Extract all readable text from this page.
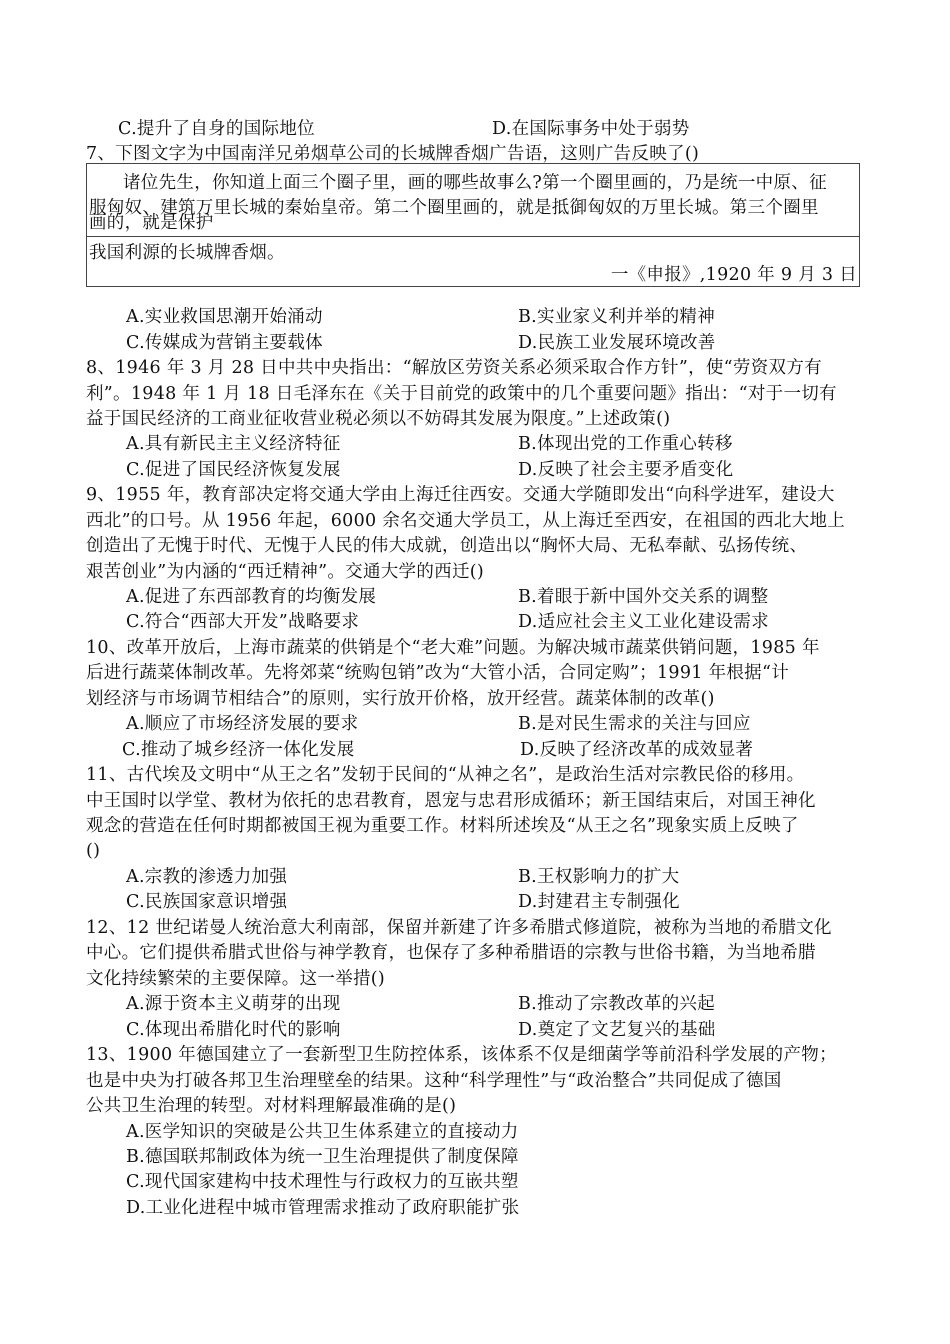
C.提升了自身的国际地位	D.在国际事务中处于弱势
7、下图文字为中国南洋兄弟烟草公司的长城牌香烟广告语，这则广告反映了()
诸位先生，你知道上面三个圈子里，画的哪些故事么?第一个圈里画的，乃是统一中原、征
服匈奴、建筑万里长城的秦始皇帝。第二个圈里画的，就是抵御匈奴的万里长城。第三个圈里
画的，就是保护
我国利源的长城牌香烟。
一《申报》,1920 年 9 月 3 日
A.实业救国思潮开始涌动	B.实业家义利并举的精神
C.传媒成为营销主要载体	D.民族工业发展环境改善
8、1946 年 3 月 28 日中共中央指出：“解放区劳资关系必须采取合作方针”，使“劳资双方有
利”。1948 年 1 月 18 日毛泽东在《关于目前党的政策中的几个重要问题》指出：“对于一切有
益于国民经济的工商业征收营业税必须以不妨碍其发展为限度。”上述政策()
A.具有新民主主义经济特征	B.体现出党的工作重心转移
C.促进了国民经济恢复发展	D.反映了社会主要矛盾变化
9、1955 年，教育部决定将交通大学由上海迁往西安。交通大学随即发出“向科学进军，建设大
西北”的口号。从 1956 年起，6000 余名交通大学员工，从上海迁至西安，在祖国的西北大地上
创造出了无愧于时代、无愧于人民的伟大成就，创造出以“胸怀大局、无私奉献、弘扬传统、
艰苦创业”为内涵的“西迁精神”。交通大学的西迁()
A.促进了东西部教育的均衡发展	B.着眼于新中国外交关系的调整
C.符合“西部大开发”战略要求	D.适应社会主义工业化建设需求
10、改革开放后，上海市蔬菜的供销是个“老大难”问题。为解决城市蔬菜供销问题，1985 年
后进行蔬菜体制改革。先将郊菜“统购包销”改为“大管小活，合同定购”；1991 年根据“计
划经济与市场调节相结合”的原则，实行放开价格，放开经营。蔬菜体制的改革()
A.顺应了市场经济发展的要求	B.是对民生需求的关注与回应
C.推动了城乡经济一体化发展	D.反映了经济改革的成效显著
11、古代埃及文明中“从王之名”发轫于民间的“从神之名”，是政治生活对宗教民俗的移用。
中王国时以学堂、教材为依托的忠君教育，恩宠与忠君形成循环；新王国结束后，对国王神化
观念的营造在任何时期都被国王视为重要工作。材料所述埃及“从王之名”现象实质上反映了
()
A.宗教的渗透力加强	B.王权影响力的扩大
C.民族国家意识增强	D.封建君主专制强化
12、12 世纪诺曼人统治意大利南部，保留并新建了许多希腊式修道院，被称为当地的希腊文化
中心。它们提供希腊式世俗与神学教育，也保存了多种希腊语的宗教与世俗书籍，为当地希腊
文化持续繁荣的主要保障。这一举措()
A.源于资本主义萌芽的出现	B.推动了宗教改革的兴起
C.体现出希腊化时代的影响	D.奠定了文艺复兴的基础
13、1900 年德国建立了一套新型卫生防控体系，该体系不仅是细菌学等前沿科学发展的产物；
也是中央为打破各邦卫生治理壁垒的结果。这种“科学理性”与“政治整合”共同促成了德国
公共卫生治理的转型。对材料理解最准确的是()
A.医学知识的突破是公共卫生体系建立的直接动力
B.德国联邦制政体为统一卫生治理提供了制度保障
C.现代国家建构中技术理性与行政权力的互嵌共塑
D.工业化进程中城市管理需求推动了政府职能扩张
